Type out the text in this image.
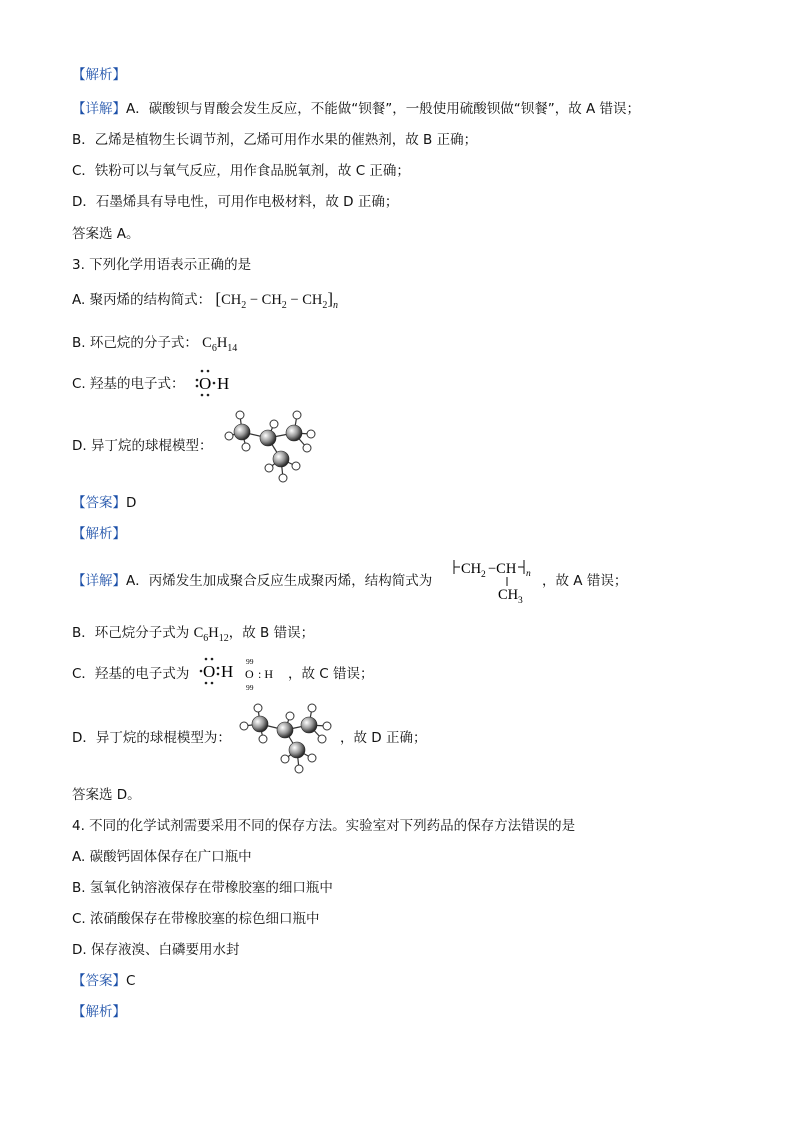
【解析】
【详解】A．碳酸钡与胃酸会发生反应，不能做“钡餐”，一般使用硫酸钡做“钡餐”，故 A 错误；
B．乙烯是植物生长调节剂，乙烯可用作水果的催熟剂，故 B 正确；
C．铁粉可以与氧气反应，用作食品脱氧剂，故 C 正确；
D．石墨烯具有导电性，可用作电极材料，故 D 正确；
答案选 A。
3. 下列化学用语表示正确的是
A. 聚丙烯的结构简式： $[CH_2 - CH_2 - CH_2]_n$
B. 环己烷的分子式： $C_6H_{14}$
C. 羟基的电子式： O H
D. 异丁烷的球棍模型：
【答案】D
【解析】
【详解】A．丙烯发生加成聚合反应生成聚丙烯，结构简式为
CH 2 −CH n
CH 3
，故 A 错误；
B．环己烷分子式为 $C_6H_{12}$，故 B 错误；
C．羟基的电子式为 O H
99
O : H
99
，故 C 错误；
D．异丁烷的球棍模型为：	，故 D 正确；
答案选 D。
4. 不同的化学试剂需要采用不同的保存方法。实验室对下列药品的保存方法错误的是
A. 碳酸钙固体保存在广口瓶中
B. 氢氧化钠溶液保存在带橡胶塞的细口瓶中
C. 浓硝酸保存在带橡胶塞的棕色细口瓶中
D. 保存液溴、白磷要用水封
【答案】C
【解析】
